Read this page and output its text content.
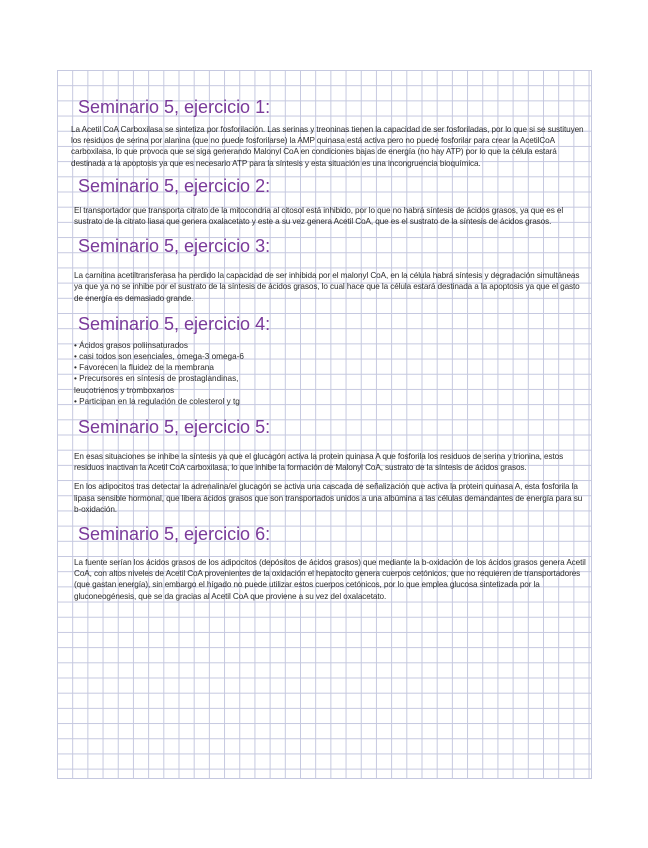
Seminario 5, ejercicio 1:

La Acetil CoA Carboxilasa se sintetiza por fosforilación. Las serinas y treoninas tienen la capacidad de ser fosforiladas, por lo que si se sustituyen los residuos de serina por alanina (que no puede fosforilarse) la AMP quinasa está activa pero no puede fosforilar para crear la AcetilCoA carboxilasa, lo que provoca que se siga generando Malonyl CoA en condiciones bajas de energía (no hay ATP) por lo que la célula estará destinada a la apoptosis ya que es necesario ATP para la síntesis y esta situación es una incongruencia bioquímica.

Seminario 5, ejercicio 2:

El transportador que transporta citrato de la mitocondria al citosol está inhibido, por lo que no habrá síntesis de ácidos grasos, ya que es el sustrato de la citrato liasa que genera oxalacetato y este a su vez genera Acetil CoA, que es el sustrato de la síntesis de ácidos grasos.

Seminario 5, ejercicio 3:

La carnitina acetiltransferasa ha perdido la capacidad de ser inhibida por el malonyl CoA, en la célula habrá síntesis y degradación simultáneas ya que ya no se inhibe por el sustrato de la síntesis de ácidos grasos, lo cual hace que la célula estará destinada a la apoptosis ya que el gasto de energía es demasiado grande.

Seminario 5, ejercicio 4:
• Ácidos grasos poliinsaturados
• casi todos son esenciales, omega-3 omega-6
• Favorecen la fluidez de la membrana
• Precursores en síntesis de prostaglandinas,
leucotrienos y tromboxanos
• Participan en la regulación de colesterol y tg
Seminario 5, ejercicio 5:

En esas situaciones se inhibe la síntesis ya que el glucagón activa la protein quinasa A que fosforila los residuos de serina y trionina, estos residuos inactivan la Acetil CoA carboxilasa, lo que inhibe la formación de Malonyl CoA, sustrato de la síntesis de ácidos grasos.

En los adipocitos tras detectar la adrenalina/el glucagón se activa una cascada de señalización que activa la protein quinasa A, esta fosforila la lipasa sensible hormonal, que libera ácidos grasos que son transportados unidos a una albúmina a las células demandantes de energía para su b-oxidación.

Seminario 5, ejercicio 6:

La fuente serían los ácidos grasos de los adipocitos (depósitos de ácidos grasos) que mediante la b-oxidación de los ácidos grasos genera Acetil CoA, con altos niveles de Acetil CoA provenientes de la oxidación el hepatocito genera cuerpos cetónicos, que no requieren de transportadores (que gastan energía), sin embargo el hígado no puede utilizar estos cuerpos cetónicos, por lo que emplea glucosa sintetizada por la gluconeogénesis, que se da gracias al Acetil CoA que proviene a su vez del oxalacetato.
